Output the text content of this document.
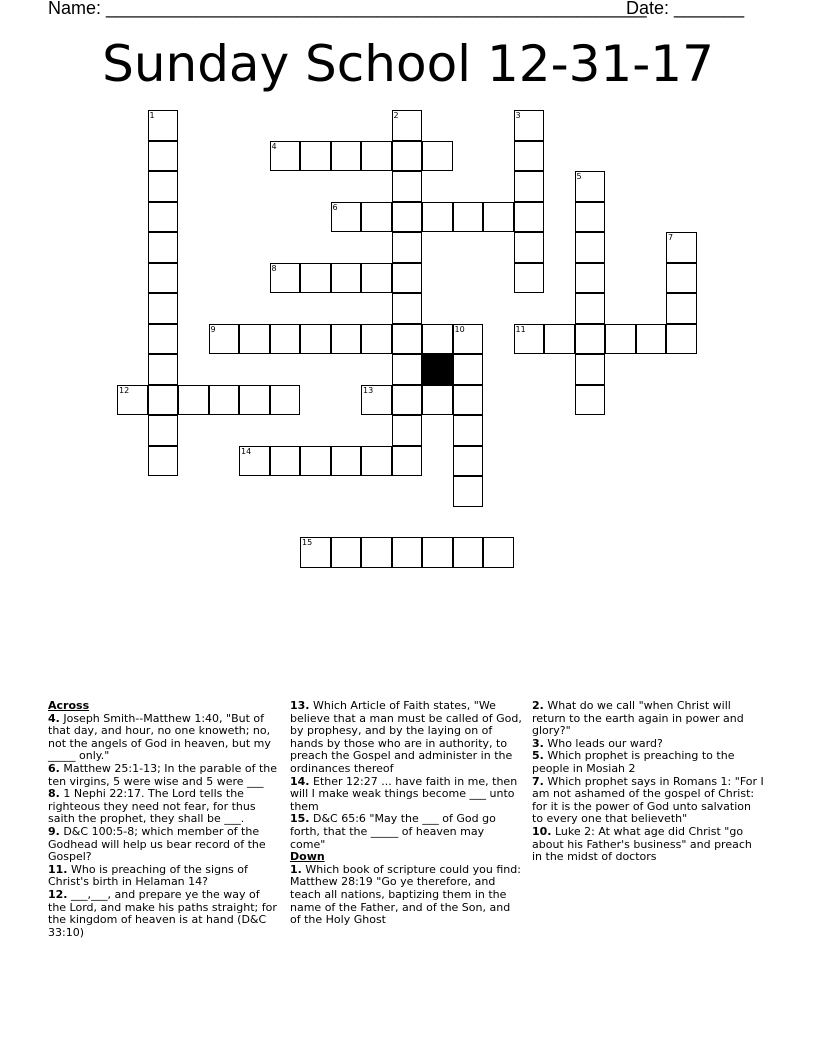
Name: ______________________________________________________
Date: _______
Sunday School 12-31-17
1	2	3
4
5
6
7
8
9	10	11
12	13
14
15
Across
4. Joseph Smith--Matthew 1:40, "But of that day, and hour, no one knoweth; no, not the angels of God in heaven, but my _____ only."
6. Matthew 25:1-13; In the parable of the ten virgins, 5 were wise and 5 were ___
8. 1 Nephi 22:17. The Lord tells the righteous they need not fear, for thus saith the prophet, they shall be ___.
9. D&C 100:5-8; which member of the Godhead will help us bear record of the Gospel?
11. Who is preaching of the signs of Christ's birth in Helaman 14?
12. ___,___, and prepare ye the way of the Lord, and make his paths straight; for the kingdom of heaven is at hand (D&C 33:10)
13. Which Article of Faith states, "We believe that a man must be called of God, by prophesy, and by the laying on of hands by those who are in authority, to preach the Gospel and administer in the ordinances thereof
14. Ether 12:27 ... have faith in me, then will I make weak things become ___ unto them
15. D&C 65:6 "May the ___ of God go forth, that the _____ of heaven may come"
Down
1. Which book of scripture could you find: Matthew 28:19 "Go ye therefore, and teach all nations, baptizing them in the name of the Father, and of the Son, and of the Holy Ghost
2. What do we call "when Christ will return to the earth again in power and glory?"
3. Who leads our ward?
5. Which prophet is preaching to the people in Mosiah 2
7. Which prophet says in Romans 1: "For I am not ashamed of the gospel of Christ: for it is the power of God unto salvation to every one that believeth"
10. Luke 2: At what age did Christ "go about his Father's business" and preach in the midst of doctors
